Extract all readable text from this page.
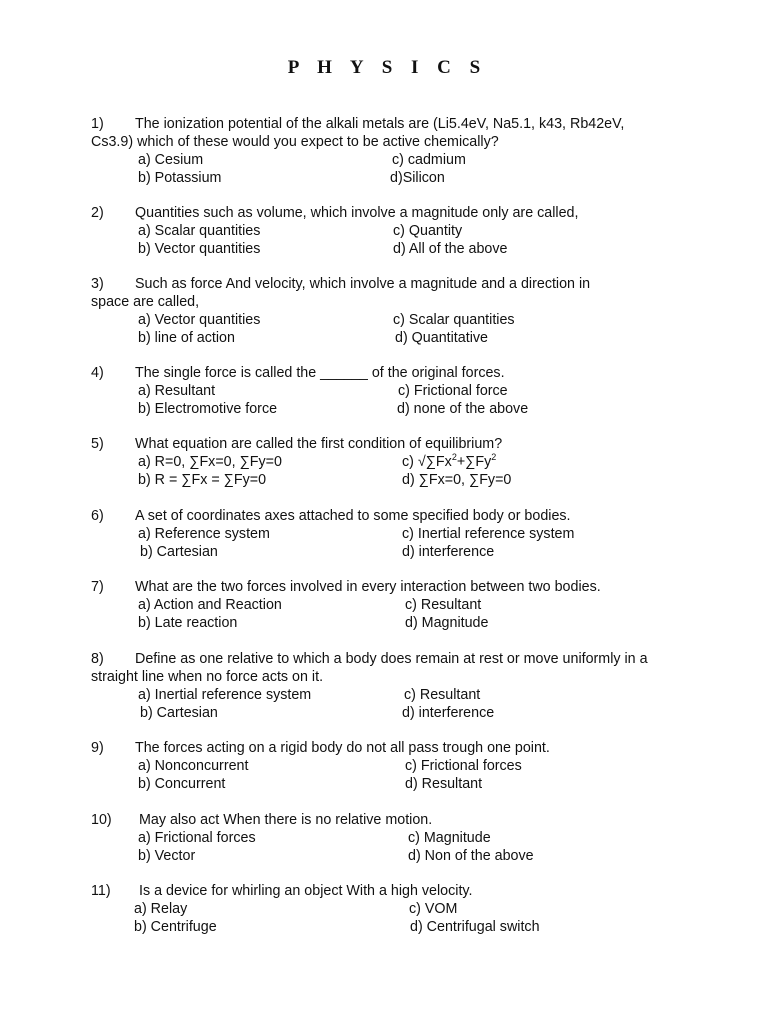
P H Y S I C S
1) The ionization potential of the alkali metals are (Li5.4eV, Na5.1, k43, Rb42eV,
Cs3.9) which of these would you expect to be active chemically?
a) Cesium	c) cadmium
b) Potassium	d)Silicon
2) Quantities such as volume, which involve a magnitude only are called,
a) Scalar quantities	c) Quantity
b) Vector quantities	d) All of the above
3) Such as force And velocity, which involve a magnitude and a direction in
space are called,
a) Vector quantities	c) Scalar quantities
b) line of action	d) Quantitative
4) The single force is called the ______ of the original forces.
a) Resultant	c) Frictional force
b) Electromotive force	d) none of the above
5) What equation are called the first condition of equilibrium?
a) R=0, ∑Fx=0, ∑Fy=0	c) $√\sum Fx^2+\sum Fy^2$
b) R = ∑Fx = ∑Fy=0	d) ∑Fx=0, ∑Fy=0
6) A set of coordinates axes attached to some specified body or bodies.
a) Reference system	c) Inertial reference system
b) Cartesian	d) interference
7) What are the two forces involved in every interaction between two bodies.
a) Action and Reaction	c) Resultant
b) Late reaction	d) Magnitude
8) Define as one relative to which a body does remain at rest or move uniformly in a
straight line when no force acts on it.
a) Inertial reference system	c) Resultant
b) Cartesian	d) interference
9) The forces acting on a rigid body do not all pass trough one point.
a) Nonconcurrent	c) Frictional forces
b) Concurrent	d) Resultant
10) May also act When there is no relative motion.
a) Frictional forces	c) Magnitude
b) Vector	d) Non of the above
11) Is a device for whirling an object With a high velocity.
a) Relay	c) VOM
b) Centrifuge	d) Centrifugal switch
